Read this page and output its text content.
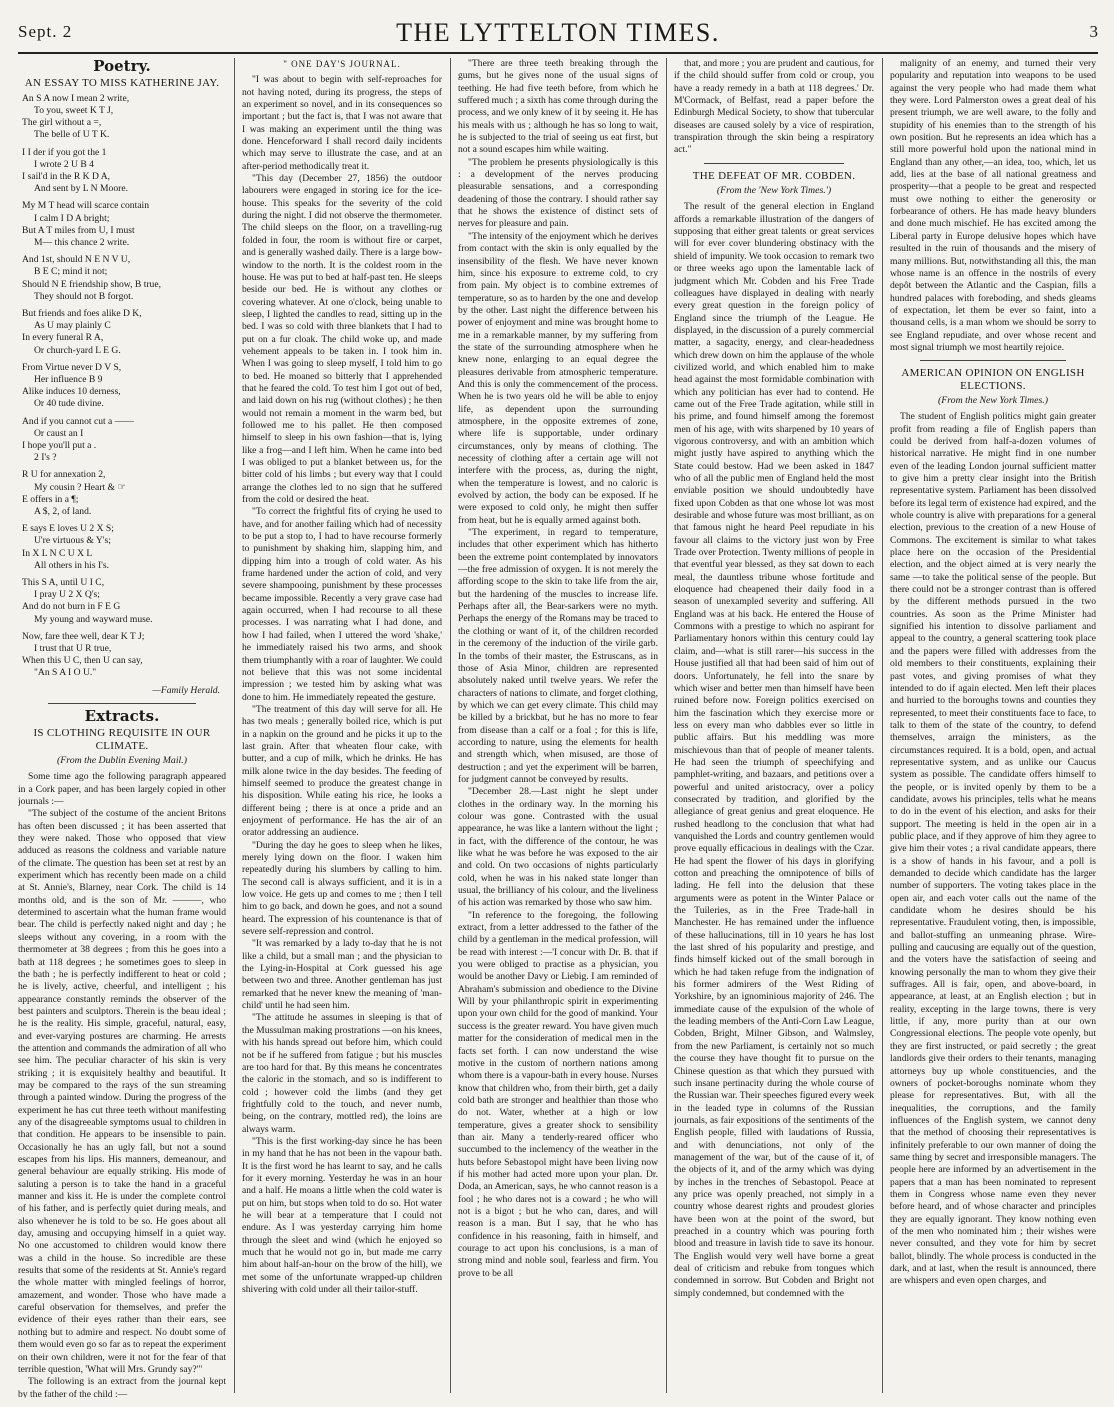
Sept. 2	THE LYTTELTON TIMES.	3
Poetry.
AN ESSAY TO MISS KATHERINE JAY.
An S A now I mean 2 write,
To you, sweet K T J,
The girl without a =,
The belle of U T K.
I I der if you got the 1
I wrote 2 U B 4
I sail'd in the R K D A,
And sent by L N Moore.
My M T head will scarce contain
I calm I D A bright;
But A T miles from U, I must
M— this chance 2 write.
And 1st, should N E N V U,
B E C; mind it not;
Should N E friendship show, B true,
They should not B forgot.
But friends and foes alike D K,
As U may plainly C
In every funeral R A,
Or church-yard L E G.
From Virtue never D V S,
Her influence B 9
Alike induces 10 derness,
Or 40 tude divine.
And if you cannot cut a ——
Or caust an I
I hope you'll put a .
2 I's ?
R U for annexation 2,
My cousin ? Heart & ☞
E offers in a ¶;
A $, 2, of land.
E says E loves U 2 X S;
U're virtuous & Y's;
In X L N C U X L
All others in his I's.
This S A, until U I C,
I pray U 2 X Q's;
And do not burn in F E G
My young and wayward muse.
Now, fare thee well, dear K T J;
I trust that U R true,
When this U C, then U can say,
"An S A I O U."
—Family Herald.
Extracts.
IS CLOTHING REQUISITE IN OUR CLIMATE.
(From the Dublin Evening Mail.)

Some time ago the following paragraph appeared in a Cork paper, and has been largely copied in other journals :—

"The subject of the costume of the ancient Britons has often been discussed ; it has been asserted that they were naked. Those who opposed that view adduced as reasons the coldness and variable nature of the climate. The question has been set at rest by an experiment which has recently been made on a child at St. Annie's, Blarney, near Cork. The child is 14 months old, and is the son of Mr. ———, who determined to ascertain what the human frame would bear. The child is perfectly naked night and day ; he sleeps without any covering, in a room with the thermometer at 38 degrees ; from this he goes into a bath at 118 degrees ; he sometimes goes to sleep in the bath ; he is perfectly indifferent to heat or cold ; he is lively, active, cheerful, and intelligent ; his appearance constantly reminds the observer of the best painters and sculptors. Therein is the beau ideal ; he is the reality. His simple, graceful, natural, easy, and ever-varying postures are charming. He arrests the attention and commands the admiration of all who see him. The peculiar character of his skin is very striking ; it is exquisitely healthy and beautiful. It may be compared to the rays of the sun streaming through a painted window. During the progress of the experiment he has cut three teeth without manifesting any of the disagreeable symptoms usual to children in that condition. He appears to be insensible to pain. Occasionally he has an ugly fall, but not a sound escapes from his lips. His manners, demeanour, and general behaviour are equally striking. His mode of saluting a person is to take the hand in a graceful manner and kiss it. He is under the complete control of his father, and is perfectly quiet during meals, and also whenever he is told to be so. He goes about all day, amusing and occupying himself in a quiet way. No one accustomed to children would know there was a child in the house. So incredible are these results that some of the residents at St. Annie's regard the whole matter with mingled feelings of horror, amazement, and wonder. Those who have made a careful observation for themselves, and prefer the evidence of their eyes rather than their ears, see nothing but to admire and respect. No doubt some of them would even go so far as to repeat the experiment on their own children, were it not for the fear of that terrible question, 'What will Mrs. Grundy say?'"

The following is an extract from the journal kept by the father of the child :—

" ONE DAY'S JOURNAL.

"I was about to begin with self-reproaches for not having noted, during its progress, the steps of an experiment so novel, and in its consequences so important ; but the fact is, that I was not aware that I was making an experiment until the thing was done. Henceforward I shall record daily incidents which may serve to illustrate the case, and at an after-period methodically treat it.

"This day (December 27, 1856) the outdoor labourers were engaged in storing ice for the ice-house. This speaks for the severity of the cold during the night. I did not observe the thermometer. The child sleeps on the floor, on a travelling-rug folded in four, the room is without fire or carpet, and is generally washed daily. There is a large bow-window to the north. It is the coldest room in the house. He was put to bed at half-past ten. He sleeps beside our bed. He is without any clothes or covering whatever. At one o'clock, being unable to sleep, I lighted the candles to read, sitting up in the bed. I was so cold with three blankets that I had to put on a fur cloak. The child woke up, and made vehement appeals to be taken in. I took him in. When I was going to sleep myself, I told him to go to bed. He moaned so bitterly that I apprehended that he feared the cold. To test him I got out of bed, and laid down on his rug (without clothes) ; he then would not remain a moment in the warm bed, but followed me to his pallet. He then composed himself to sleep in his own fashion—that is, lying like a frog—and I left him. When he came into bed I was obliged to put a blanket between us, for the bitter cold of his limbs ; but every way that I could arrange the clothes led to no sign that he suffered from the cold or desired the heat.

"To correct the frightful fits of crying he used to have, and for another failing which had of necessity to be put a stop to, I had to have recourse formerly to punishment by shaking him, slapping him, and dipping him into a trough of cold water. As his frame hardened under the action of cold, and very severe shampooing, punishment by these processes became impossible. Recently a very grave case had again occurred, when I had recourse to all these processes. I was narrating what I had done, and how I had failed, when I uttered the word 'shake,' he immediately raised his two arms, and shook them triumphantly with a roar of laughter. We could not believe that this was not some incidental impression ; we tested him by asking what was done to him. He immediately repeated the gesture.

"The treatment of this day will serve for all. He has two meals ; generally boiled rice, which is put in a napkin on the ground and he picks it up to the last grain. After that wheaten flour cake, with butter, and a cup of milk, which he drinks. He has milk alone twice in the day besides. The feeding of himself seemed to produce the greatest change in his disposition. While eating his rice, he looks a different being ; there is at once a pride and an enjoyment of performance. He has the air of an orator addressing an audience.

"During the day he goes to sleep when he likes, merely lying down on the floor. I waken him repeatedly during his slumbers by calling to him. The second call is always sufficient, and it is in a low voice. He gets up and comes to me ; then I tell him to go back, and down he goes, and not a sound heard. The expression of his countenance is that of severe self-repression and control.

"It was remarked by a lady to-day that he is not like a child, but a small man ; and the physician to the Lying-in-Hospital at Cork guessed his age between two and three. Another gentleman has just remarked that he never knew the meaning of 'man-child' until he had seen him.

"The attitude he assumes in sleeping is that of the Mussulman making prostrations —on his knees, with his hands spread out before him, which could not be if he suffered from fatigue ; but his muscles are too hard for that. By this means he concentrates the caloric in the stomach, and so is indifferent to cold ; however cold the limbs (and they get frightfully cold to the touch, and never numb, being, on the contrary, mottled red), the loins are always warm.

"This is the first working-day since he has been in my hand that he has not been in the vapour bath. It is the first word he has learnt to say, and he calls for it every morning. Yesterday he was in an hour and a half. He moans a little when the cold water is put on him, but stops when told to do so. Hot water he will bear at a temperature that I could not endure. As I was yesterday carrying him home through the sleet and wind (which he enjoyed so much that he would not go in, but made me carry him about half-an-hour on the brow of the hill), we met some of the unfortunate wrapped-up children shivering with cold under all their tailor-stuff.

"There are three teeth breaking through the gums, but he gives none of the usual signs of teething. He had five teeth before, from which he suffered much ; a sixth has come through during the process, and we only knew of it by seeing it. He has his meals with us ; although he has so long to wait, he is subjected to the trial of seeing us eat first, but not a sound escapes him while waiting.

"The problem he presents physiologically is this : a development of the nerves producing pleasurable sensations, and a corresponding deadening of those the contrary. I should rather say that he shows the existence of distinct sets of nerves for pleasure and pain.

"The intensity of the enjoyment which he derives from contact with the skin is only equalled by the insensibility of the flesh. We have never known him, since his exposure to extreme cold, to cry from pain. My object is to combine extremes of temperature, so as to harden by the one and develop by the other. Last night the difference between his power of enjoyment and mine was brought home to me in a remarkable manner, by my suffering from the state of the surrounding atmosphere when he knew none, enlarging to an equal degree the pleasures derivable from atmospheric temperature. And this is only the commencement of the process. When he is two years old he will be able to enjoy life, as dependent upon the surrounding atmosphere, in the opposite extremes of zone, where life is supportable, under ordinary circumstances, only by means of clothing. The necessity of clothing after a certain age will not interfere with the process, as, during the night, when the temperature is lowest, and no caloric is evolved by action, the body can be exposed. If he were exposed to cold only, he might then suffer from heat, but he is equally armed against both.

"The experiment, in regard to temperature, includes that other experiment which has hitherto been the extreme point contemplated by innovators—the free admission of oxygen. It is not merely the affording scope to the skin to take life from the air, but the hardening of the muscles to increase life. Perhaps after all, the Bear-sarkers were no myth. Perhaps the energy of the Romans may be traced to the clothing or want of it, of the children recorded in the ceremony of the induction of the virile garb. In the tombs of their master, the Estruscans, as in those of Asia Minor, children are represented absolutely naked until twelve years. We refer the characters of nations to climate, and forget clothing, by which we can get every climate. This child may be killed by a brickbat, but he has no more to fear from disease than a calf or a foal ; for this is life, according to nature, using the elements for health and strength which, when misused, are those of destruction ; and yet the experiment will be barren, for judgment cannot be conveyed by results.

"December 28.—Last night he slept under clothes in the ordinary way. In the morning his colour was gone. Contrasted with the usual appearance, he was like a lantern without the light ; in fact, with the difference of the contour, he was like what he was before he was exposed to the air and cold. On two occasions of nights particularly cold, when he was in his naked state longer than usual, the brilliancy of his colour, and the liveliness of his action was remarked by those who saw him.

"In reference to the foregoing, the following extract, from a letter addressed to the father of the child by a gentleman in the medical profession, will be read with interest :—'I concur with Dr. B. that if you were obliged to practise as a physician, you would be another Davy or Liebig. I am reminded of Abraham's submission and obedience to the Divine Will by your philanthropic spirit in experimenting upon your own child for the good of mankind. Your success is the greater reward. You have given much matter for the consideration of medical men in the facts set forth. I can now understand the wise motive in the custom of northern nations among whom there is a vapour-bath in every house. Nurses know that children who, from their birth, get a daily cold bath are stronger and healthier than those who do not. Water, whether at a high or low temperature, gives a greater shock to sensibility than air. Many a tenderly-reared officer who succumbed to the inclemency of the weather in the huts before Sebastopol might have been living now if his mother had acted more upon your plan. Dr. Doda, an American, says, he who cannot reason is a fool ; he who dares not is a coward ; he who will not is a bigot ; but he who can, dares, and will reason is a man. But I say, that he who has confidence in his reasoning, faith in himself, and courage to act upon his conclusions, is a man of strong mind and noble soul, fearless and firm. You prove to be all

that, and more ; you are prudent and cautious, for if the child should suffer from cold or croup, you have a ready remedy in a bath at 118 degrees.' Dr. M'Cormack, of Belfast, read a paper before the Edinburgh Medical Society, to show that tubercular diseases are caused solely by a vice of respiration, transpiration through the skin being a respiratory act."

THE DEFEAT OF MR. COBDEN.
(From the 'New York Times.')

The result of the general election in England affords a remarkable illustration of the dangers of supposing that either great talents or great services will for ever cover blundering obstinacy with the shield of impunity. We took occasion to remark two or three weeks ago upon the lamentable lack of judgment which Mr. Cobden and his Free Trade colleagues have displayed in dealing with nearly every great question in the foreign policy of England since the triumph of the League. He displayed, in the discussion of a purely commercial matter, a sagacity, energy, and clear-headedness which drew down on him the applause of the whole civilized world, and which enabled him to make head against the most formidable combination with which any politician has ever had to contend. He came out of the Free Trade agitation, while still in his prime, and found himself among the foremost men of his age, with wits sharpened by 10 years of vigorous controversy, and with an ambition which might justly have aspired to anything which the State could bestow. Had we been asked in 1847 who of all the public men of England held the most enviable position we should undoubtedly have fixed upon Cobden as that one whose lot was most desirable and whose future was most brilliant, as on that famous night he heard Peel repudiate in his favour all claims to the victory just won by Free Trade over Protection. Twenty millions of people in that eventful year blessed, as they sat down to each meal, the dauntless tribune whose fortitude and eloquence had cheapened their daily food in a season of unexampled severity and suffering. All England was at his back. He entered the House of Commons with a prestige to which no aspirant for Parliamentary honors within this century could lay claim, and—what is still rarer—his success in the House justified all that had been said of him out of doors. Unfortunately, he fell into the snare by which wiser and better men than himself have been ruined before now. Foreign politics exercised on him the fascination which they exercise more or less on every man who dabbles ever so little in public affairs. But his meddling was more mischievous than that of people of meaner talents. He had seen the triumph of speechifying and pamphlet-writing, and bazaars, and petitions over a powerful and united aristocracy, over a policy consecrated by tradition, and glorified by the allegiance of great genius and great eloquence. He rushed headlong to the conclusion that what had vanquished the Lords and country gentlemen would prove equally efficacious in dealings with the Czar. He had spent the flower of his days in glorifying cotton and preaching the omnipotence of bills of lading. He fell into the delusion that these arguments were as potent in the Winter Palace or the Tuileries, as in the Free Trade-hall in Manchester. He has remained under the influence of these hallucinations, till in 10 years he has lost the last shred of his popularity and prestige, and finds himself kicked out of the small borough in which he had taken refuge from the indignation of his former admirers of the West Riding of Yorkshire, by an ignominious majority of 246. The immediate cause of the expulsion of the whole of the leading members of the Anti-Corn Law League, Cobden, Bright, Milner Gibson, and Walmsley, from the new Parliament, is certainly not so much the course they have thought fit to pursue on the Chinese question as that which they pursued with such insane pertinacity during the whole course of the Russian war. Their speeches figured every week in the leaded type in columns of the Russian journals, as fair expositions of the sentiments of the English people, filled with laudations of Russia, and with denunciations, not only of the management of the war, but of the cause of it, of the objects of it, and of the army which was dying by inches in the trenches of Sebastopol. Peace at any price was openly preached, not simply in a country whose dearest rights and proudest glories have been won at the point of the sword, but preached in a country which was pouring forth blood and treasure in lavish tide to save its honour. The English would very well have borne a great deal of criticism and rebuke from tongues which condemned in sorrow. But Cobden and Bright not simply condemned, but condemned with the

malignity of an enemy, and turned their very popularity and reputation into weapons to be used against the very people who had made them what they were. Lord Palmerston owes a great deal of his present triumph, we are well aware, to the folly and stupidity of his enemies than to the strength of his own position. But he represents an idea which has a still more powerful hold upon the national mind in England than any other,—an idea, too, which, let us add, lies at the base of all national greatness and prosperity—that a people to be great and respected must owe nothing to either the generosity or forbearance of others. He has made heavy blunders and done much mischief. He has excited among the Liberal party in Europe delusive hopes which have resulted in the ruin of thousands and the misery of many millions. But, notwithstanding all this, the man whose name is an offence in the nostrils of every depôt between the Atlantic and the Caspian, fills a hundred palaces with foreboding, and sheds gleams of expectation, let them be ever so faint, into a thousand cells, is a man whom we should be sorry to see England repudiate, and over whose recent and most signal triumph we most heartily rejoice.

AMERICAN OPINION ON ENGLISH ELECTIONS.
(From the New York Times.)

The student of English politics might gain greater profit from reading a file of English papers than could be derived from half-a-dozen volumes of historical narrative. He might find in one number even of the leading London journal sufficient matter to give him a pretty clear insight into the British representative system. Parliament has been dissolved before its legal term of existence had expired, and the whole country is alive with preparations for a general election, previous to the creation of a new House of Commons. The excitement is similar to what takes place here on the occasion of the Presidential election, and the object aimed at is very nearly the same —to take the political sense of the people. But there could not be a stronger contrast than is offered by the different methods pursued in the two countries. As soon as the Prime Minister had signified his intention to dissolve parliament and appeal to the country, a general scattering took place and the papers were filled with addresses from the old members to their constituents, explaining their past votes, and giving promises of what they intended to do if again elected. Men left their places and hurried to the boroughs towns and counties they represented, to meet their constituents face to face, to talk to them of the state of the country, to defend themselves, arraign the ministers, as the circumstances required. It is a bold, open, and actual representative system, and as unlike our Caucus system as possible. The candidate offers himself to the people, or is invited openly by them to be a candidate, avows his principles, tells what he means to do in the event of his election, and asks for their support. The meeting is held in the open air in a public place, and if they approve of him they agree to give him their votes ; a rival candidate appears, there is a show of hands in his favour, and a poll is demanded to decide which candidate has the larger number of supporters. The voting takes place in the open air, and each voter calls out the name of the candidate whom he desires should be his representative. Fraudulent voting, then, is impossible, and ballot-stuffing an unmeaning phrase. Wire-pulling and caucusing are equally out of the question, and the voters have the satisfaction of seeing and knowing personally the man to whom they give their suffrages. All is fair, open, and above-board, in appearance, at least, at an English election ; but in reality, excepting in the large towns, there is very little, if any, more purity than at our own Congressional elections. The people vote openly, but they are first instructed, or paid secretly ; the great landlords give their orders to their tenants, managing attorneys buy up whole constituencies, and the owners of pocket-boroughs nominate whom they please for representatives. But, with all the inequalities, the corruptions, and the family influences of the English system, we cannot deny that the method of choosing their representatives is infinitely preferable to our own manner of doing the same thing by secret and irresponsible managers. The people here are informed by an advertisement in the papers that a man has been nominated to represent them in Congress whose name even they never before heard, and of whose character and principles they are equally ignorant. They know nothing even of the men who nominated him ; their wishes were never consulted, and they vote for him by secret ballot, blindly. The whole process is conducted in the dark, and at last, when the result is announced, there are whispers and even open charges, and
